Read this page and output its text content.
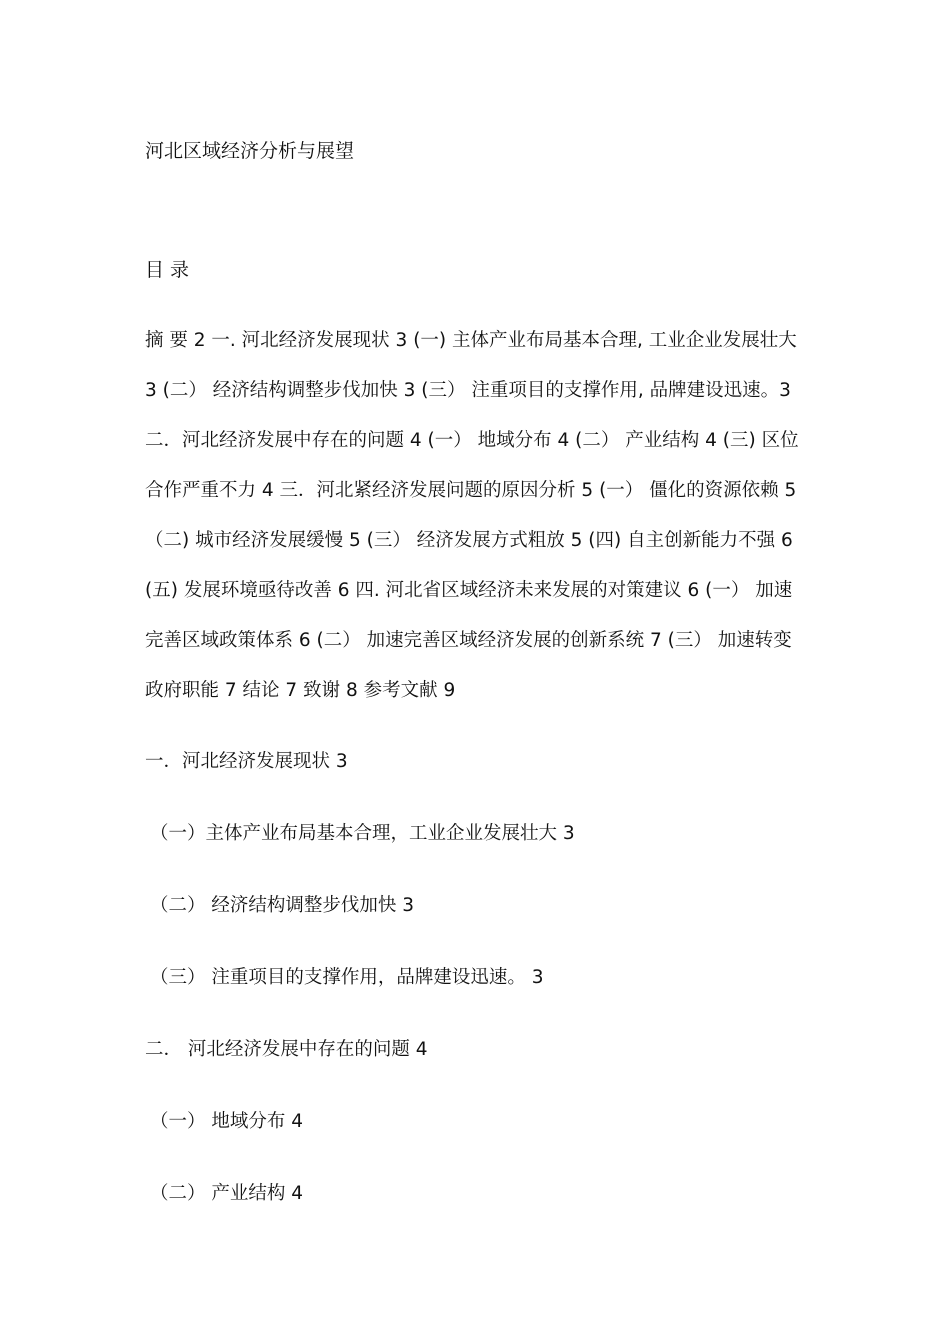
河北区域经济分析与展望
目 录
摘 要 2 一. 河北经济发展现状 3 (一) 主体产业布局基本合理, 工业企业发展壮大
3 (二） 经济结构调整步伐加快 3 (三） 注重项目的支撑作用, 品牌建设迅速。3
二．河北经济发展中存在的问题 4 (一） 地域分布 4 (二） 产业结构 4 (三) 区位
合作严重不力 4 三．河北紧经济发展问题的原因分析 5 (一） 僵化的资源依赖 5
（二) 城市经济发展缓慢 5 (三） 经济发展方式粗放 5 (四) 自主创新能力不强 6
(五) 发展环境亟待改善 6 四. 河北省区域经济未来发展的对策建议 6 (一） 加速
完善区域政策体系 6 (二） 加速完善区域经济发展的创新系统 7 (三） 加速转变
政府职能 7 结论 7 致谢 8 参考文献 9
一．河北经济发展现状 3
（一）主体产业布局基本合理，工业企业发展壮大 3
（二） 经济结构调整步伐加快 3
（三） 注重项目的支撑作用，品牌建设迅速。 3
二． 河北经济发展中存在的问题 4
（一） 地域分布 4
（二） 产业结构 4
